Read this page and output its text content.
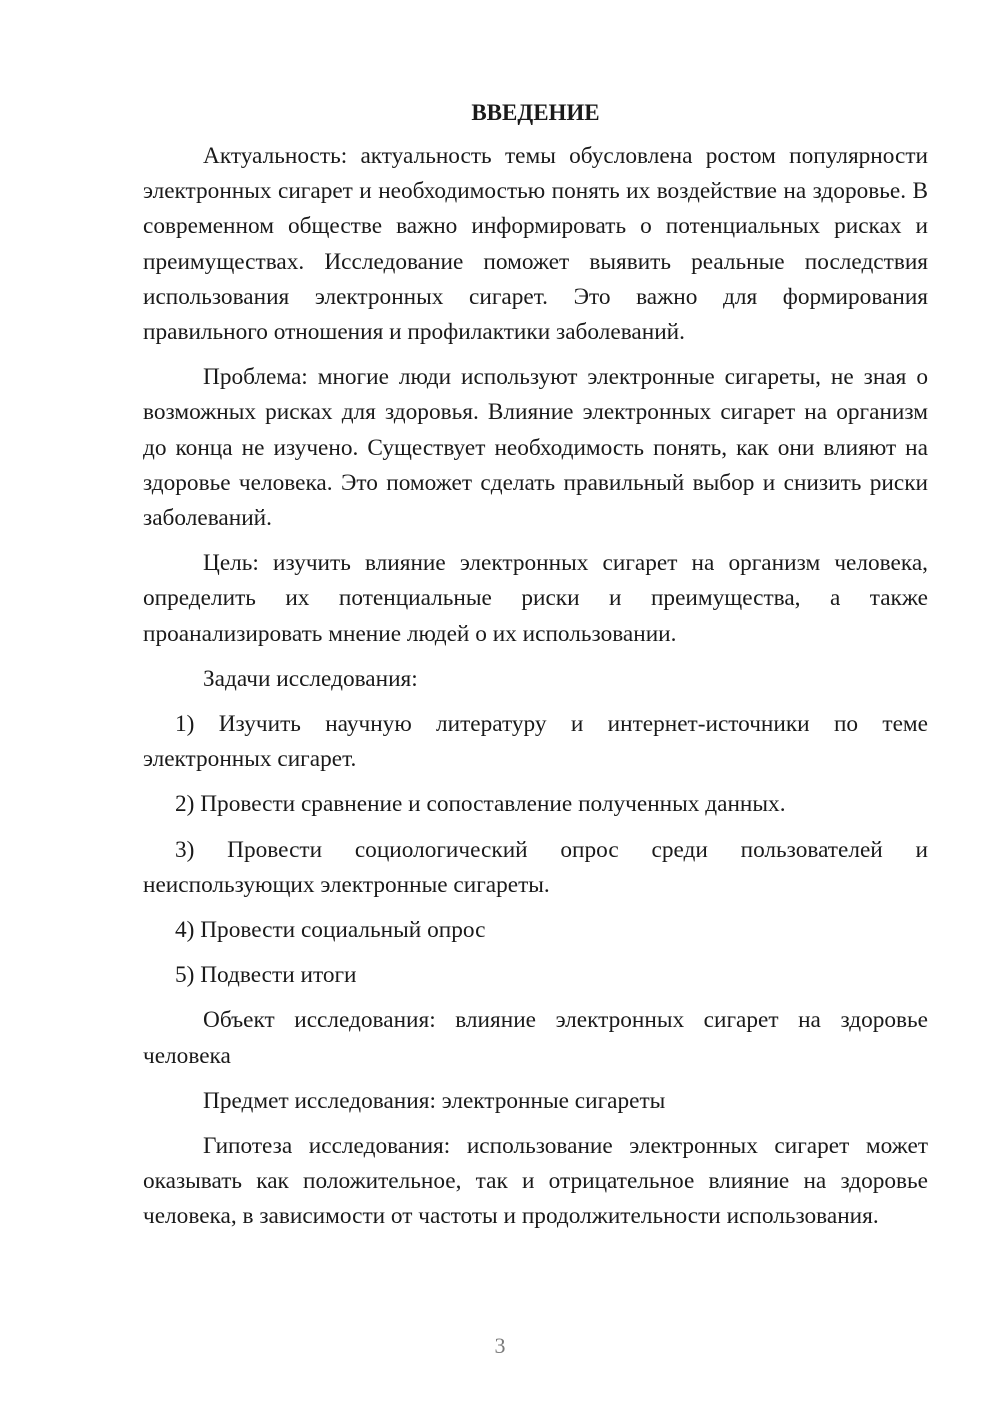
ВВЕДЕНИЕ

Актуальность: актуальность темы обусловлена ростом популярности электронных сигарет и необходимостью понять их воздействие на здоровье. В современном обществе важно информировать о потенциальных рисках и преимуществах. Исследование поможет выявить реальные последствия использования электронных сигарет. Это важно для формирования правильного отношения и профилактики заболеваний.

Проблема: многие люди используют электронные сигареты, не зная о возможных рисках для здоровья. Влияние электронных сигарет на организм до конца не изучено. Существует необходимость понять, как они влияют на здоровье человека. Это поможет сделать правильный выбор и снизить риски заболеваний.

Цель: изучить влияние электронных сигарет на организм человека, определить их потенциальные риски и преимущества, а также проанализировать мнение людей о их использовании.

Задачи исследования:

1) Изучить научную литературу и интернет-источники по теме электронных сигарет.

2) Провести сравнение и сопоставление полученных данных.

3) Провести социологический опрос среди пользователей и неиспользующих электронные сигареты.

4) Провести социальный опрос

5) Подвести итоги

Объект исследования: влияние электронных сигарет на здоровье человека

Предмет исследования: электронные сигареты

Гипотеза исследования: использование электронных сигарет может оказывать как положительное, так и отрицательное влияние на здоровье человека, в зависимости от частоты и продолжительности использования.

3
